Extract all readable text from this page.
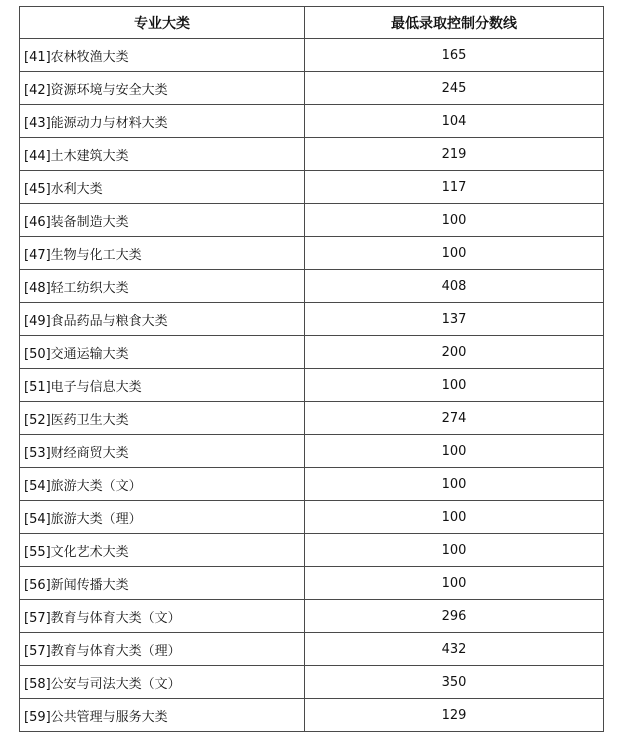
专业大类	最低录取控制分数线
[41]农林牧渔大类	165
[42]资源环境与安全大类	245
[43]能源动力与材料大类	104
[44]土木建筑大类	219
[45]水利大类	117
[46]装备制造大类	100
[47]生物与化工大类	100
[48]轻工纺织大类	408
[49]食品药品与粮食大类	137
[50]交通运输大类	200
[51]电子与信息大类	100
[52]医药卫生大类	274
[53]财经商贸大类	100
[54]旅游大类（文）	100
[54]旅游大类（理）	100
[55]文化艺术大类	100
[56]新闻传播大类	100
[57]教育与体育大类（文）	296
[57]教育与体育大类（理）	432
[58]公安与司法大类（文）	350
[59]公共管理与服务大类	129
